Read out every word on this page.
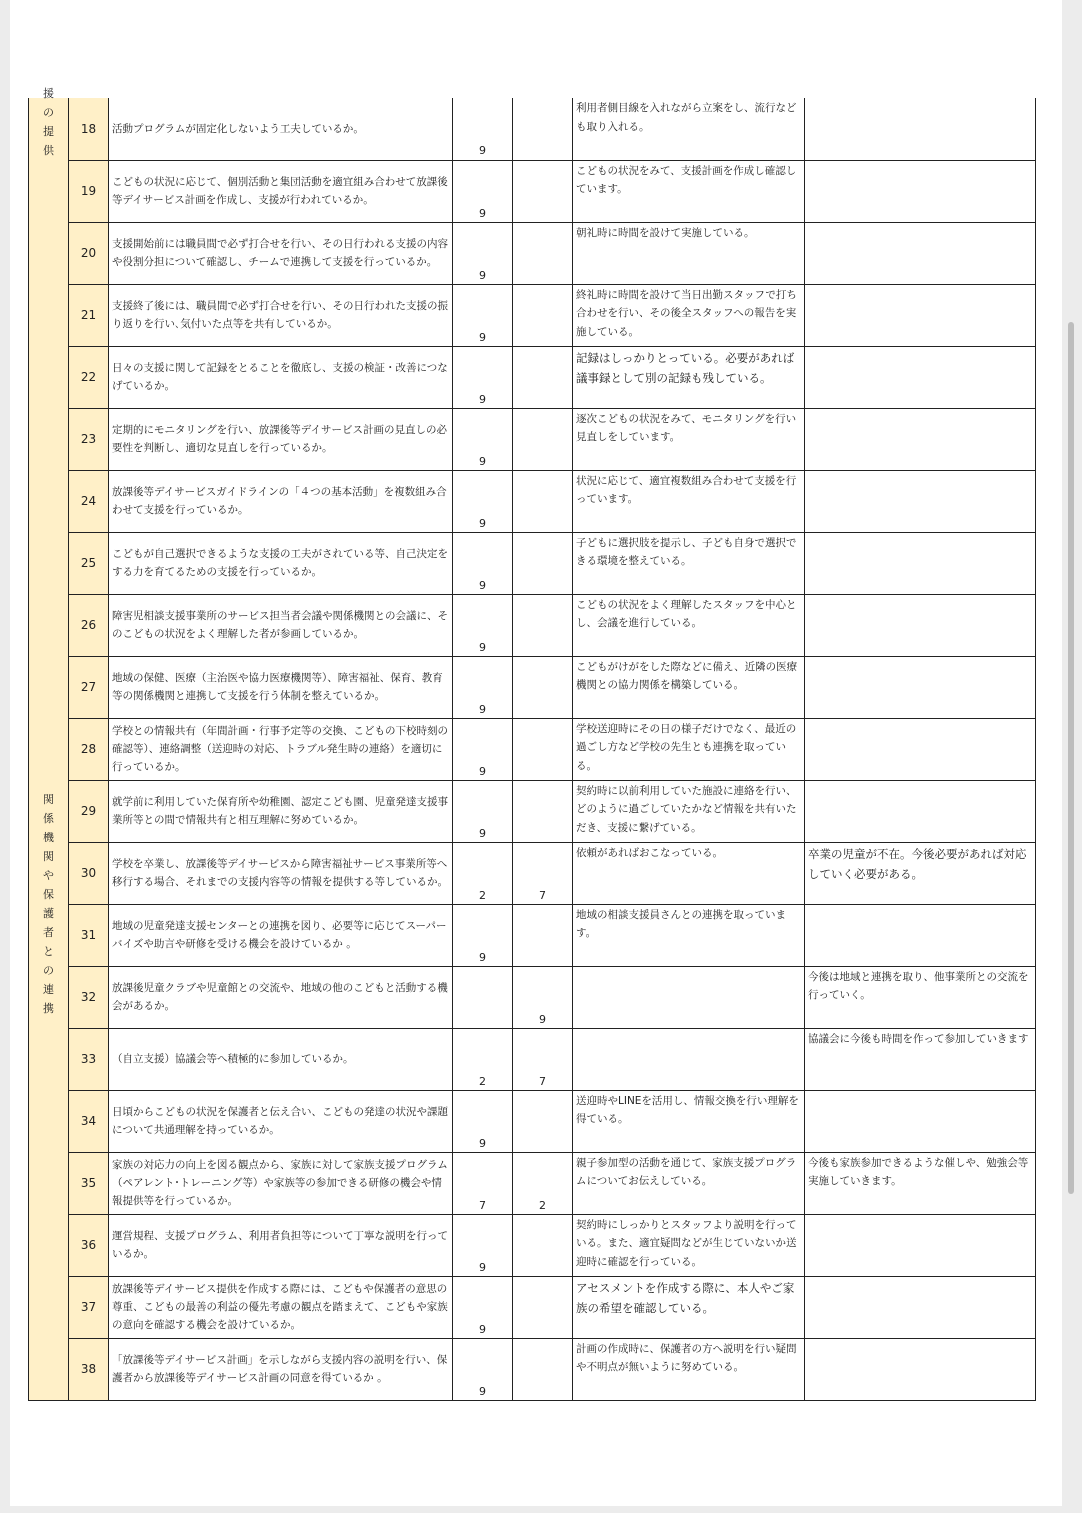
援の提供	18	活動プログラムが固定化しないよう工夫しているか。	9		利用者側目線を入れながら立案をし、流行なども取り入れる。	

	19	こどもの状況に応じて、個別活動と集団活動を適宜組み合わせて放課後等デイサービス計画を作成し、支援が行われているか。	9		こどもの状況をみて、支援計画を作成し確認しています。	

	20	支援開始前には職員間で必ず打合せを行い、その日行われる支援の内容や役割分担について確認し、チームで連携して支援を行っているか。	9		朝礼時に時間を設けて実施している。	

	21	支援終了後には、職員間で必ず打合せを行い、その日行われた支援の振り返りを行い､気付いた点等を共有しているか。	9		終礼時に時間を設けて当日出勤スタッフで打ち合わせを行い、その後全スタッフへの報告を実施している。	

	22	日々の支援に関して記録をとることを徹底し、支援の検証・改善につなげているか。	9		記録はしっかりとっている。必要があれば議事録として別の記録も残している。	

	23	定期的にモニタリングを行い、放課後等デイサービス計画の見直しの必要性を判断し、適切な見直しを行っているか。	9		逐次こどもの状況をみて、モニタリングを行い見直しをしています。	

	24	放課後等デイサービスガイドラインの「４つの基本活動」を複数組み合わせて支援を行っているか。	9		状況に応じて、適宜複数組み合わせて支援を行っています。	

	25	こどもが自己選択できるような支援の工夫がされている等、自己決定をする力を育てるための支援を行っているか。	9		子どもに選択肢を提示し、子ども自身で選択できる環境を整えている。	

関係機関や保護者との連携	26	障害児相談支援事業所のサービス担当者会議や関係機関との会議に、そのこどもの状況をよく理解した者が参画しているか。	9		こどもの状況をよく理解したスタッフを中心とし、会議を進行している。	

	27	地域の保健、医療（主治医や協力医療機関等）、障害福祉、保育、教育等の関係機関と連携して支援を行う体制を整えているか。	9		こどもがけがをした際などに備え、近隣の医療機関との協力関係を構築している。	

	28	学校との情報共有（年間計画・行事予定等の交換、こどもの下校時刻の確認等）、連絡調整（送迎時の対応、トラブル発生時の連絡）を適切に行っているか。	9		学校送迎時にその日の様子だけでなく、最近の過ごし方など学校の先生とも連携を取っている。	

	29	就学前に利用していた保育所や幼稚園、認定こども園、児童発達支援事業所等との間で情報共有と相互理解に努めているか。	9		契約時に以前利用していた施設に連絡を行い、どのように過ごしていたかなど情報を共有いただき、支援に繋げている。	

	30	学校を卒業し、放課後等デイサービスから障害福祉サービス事業所等へ移行する場合、それまでの支援内容等の情報を提供する等しているか。	2	7	依頼があればおこなっている。	卒業の児童が不在。今後必要があれば対応していく必要がある。

	31	地域の児童発達支援センターとの連携を図り、必要等に応じてスーパーバイズや助言や研修を受ける機会を設けているか 。	9		地域の相談支援員さんとの連携を取っています。	

	32	放課後児童クラブや児童館との交流や、地域の他のこどもと活動する機会があるか。		9		今後は地域と連携を取り、他事業所との交流を行っていく。

	33	（自立支援）協議会等へ積極的に参加しているか。	2	7		協議会に今後も時間を作って参加していきます

	34	日頃からこどもの状況を保護者と伝え合い、こどもの発達の状況や課題について共通理解を持っているか。	9		送迎時やLINEを活用し、情報交換を行い理解を得ている。	

	35	家族の対応力の向上を図る観点から、家族に対して家族支援プログラム（ペアレント･トレーニング等）や家族等の参加できる研修の機会や情報提供等を行っているか。	7	2	親子参加型の活動を通じて、家族支援プログラムについてお伝えしている。	今後も家族参加できるような催しや、勉強会等実施していきます。

	36	運営規程、支援プログラム、利用者負担等について丁寧な説明を行っているか。	9		契約時にしっかりとスタッフより説明を行っている。また、適宜疑問などが生じていないか送迎時に確認を行っている。	

	37	放課後等デイサービス提供を作成する際には、こどもや保護者の意思の尊重、こどもの最善の利益の優先考慮の観点を踏まえて、こどもや家族の意向を確認する機会を設けているか。	9		アセスメントを作成する際に、本人やご家族の希望を確認している。	

	38	「放課後等デイサービス計画」を示しながら支援内容の説明を行い、保護者から放課後等デイサービス計画の同意を得ているか 。	9		計画の作成時に、保護者の方へ説明を行い疑問や不明点が無いように努めている。	
